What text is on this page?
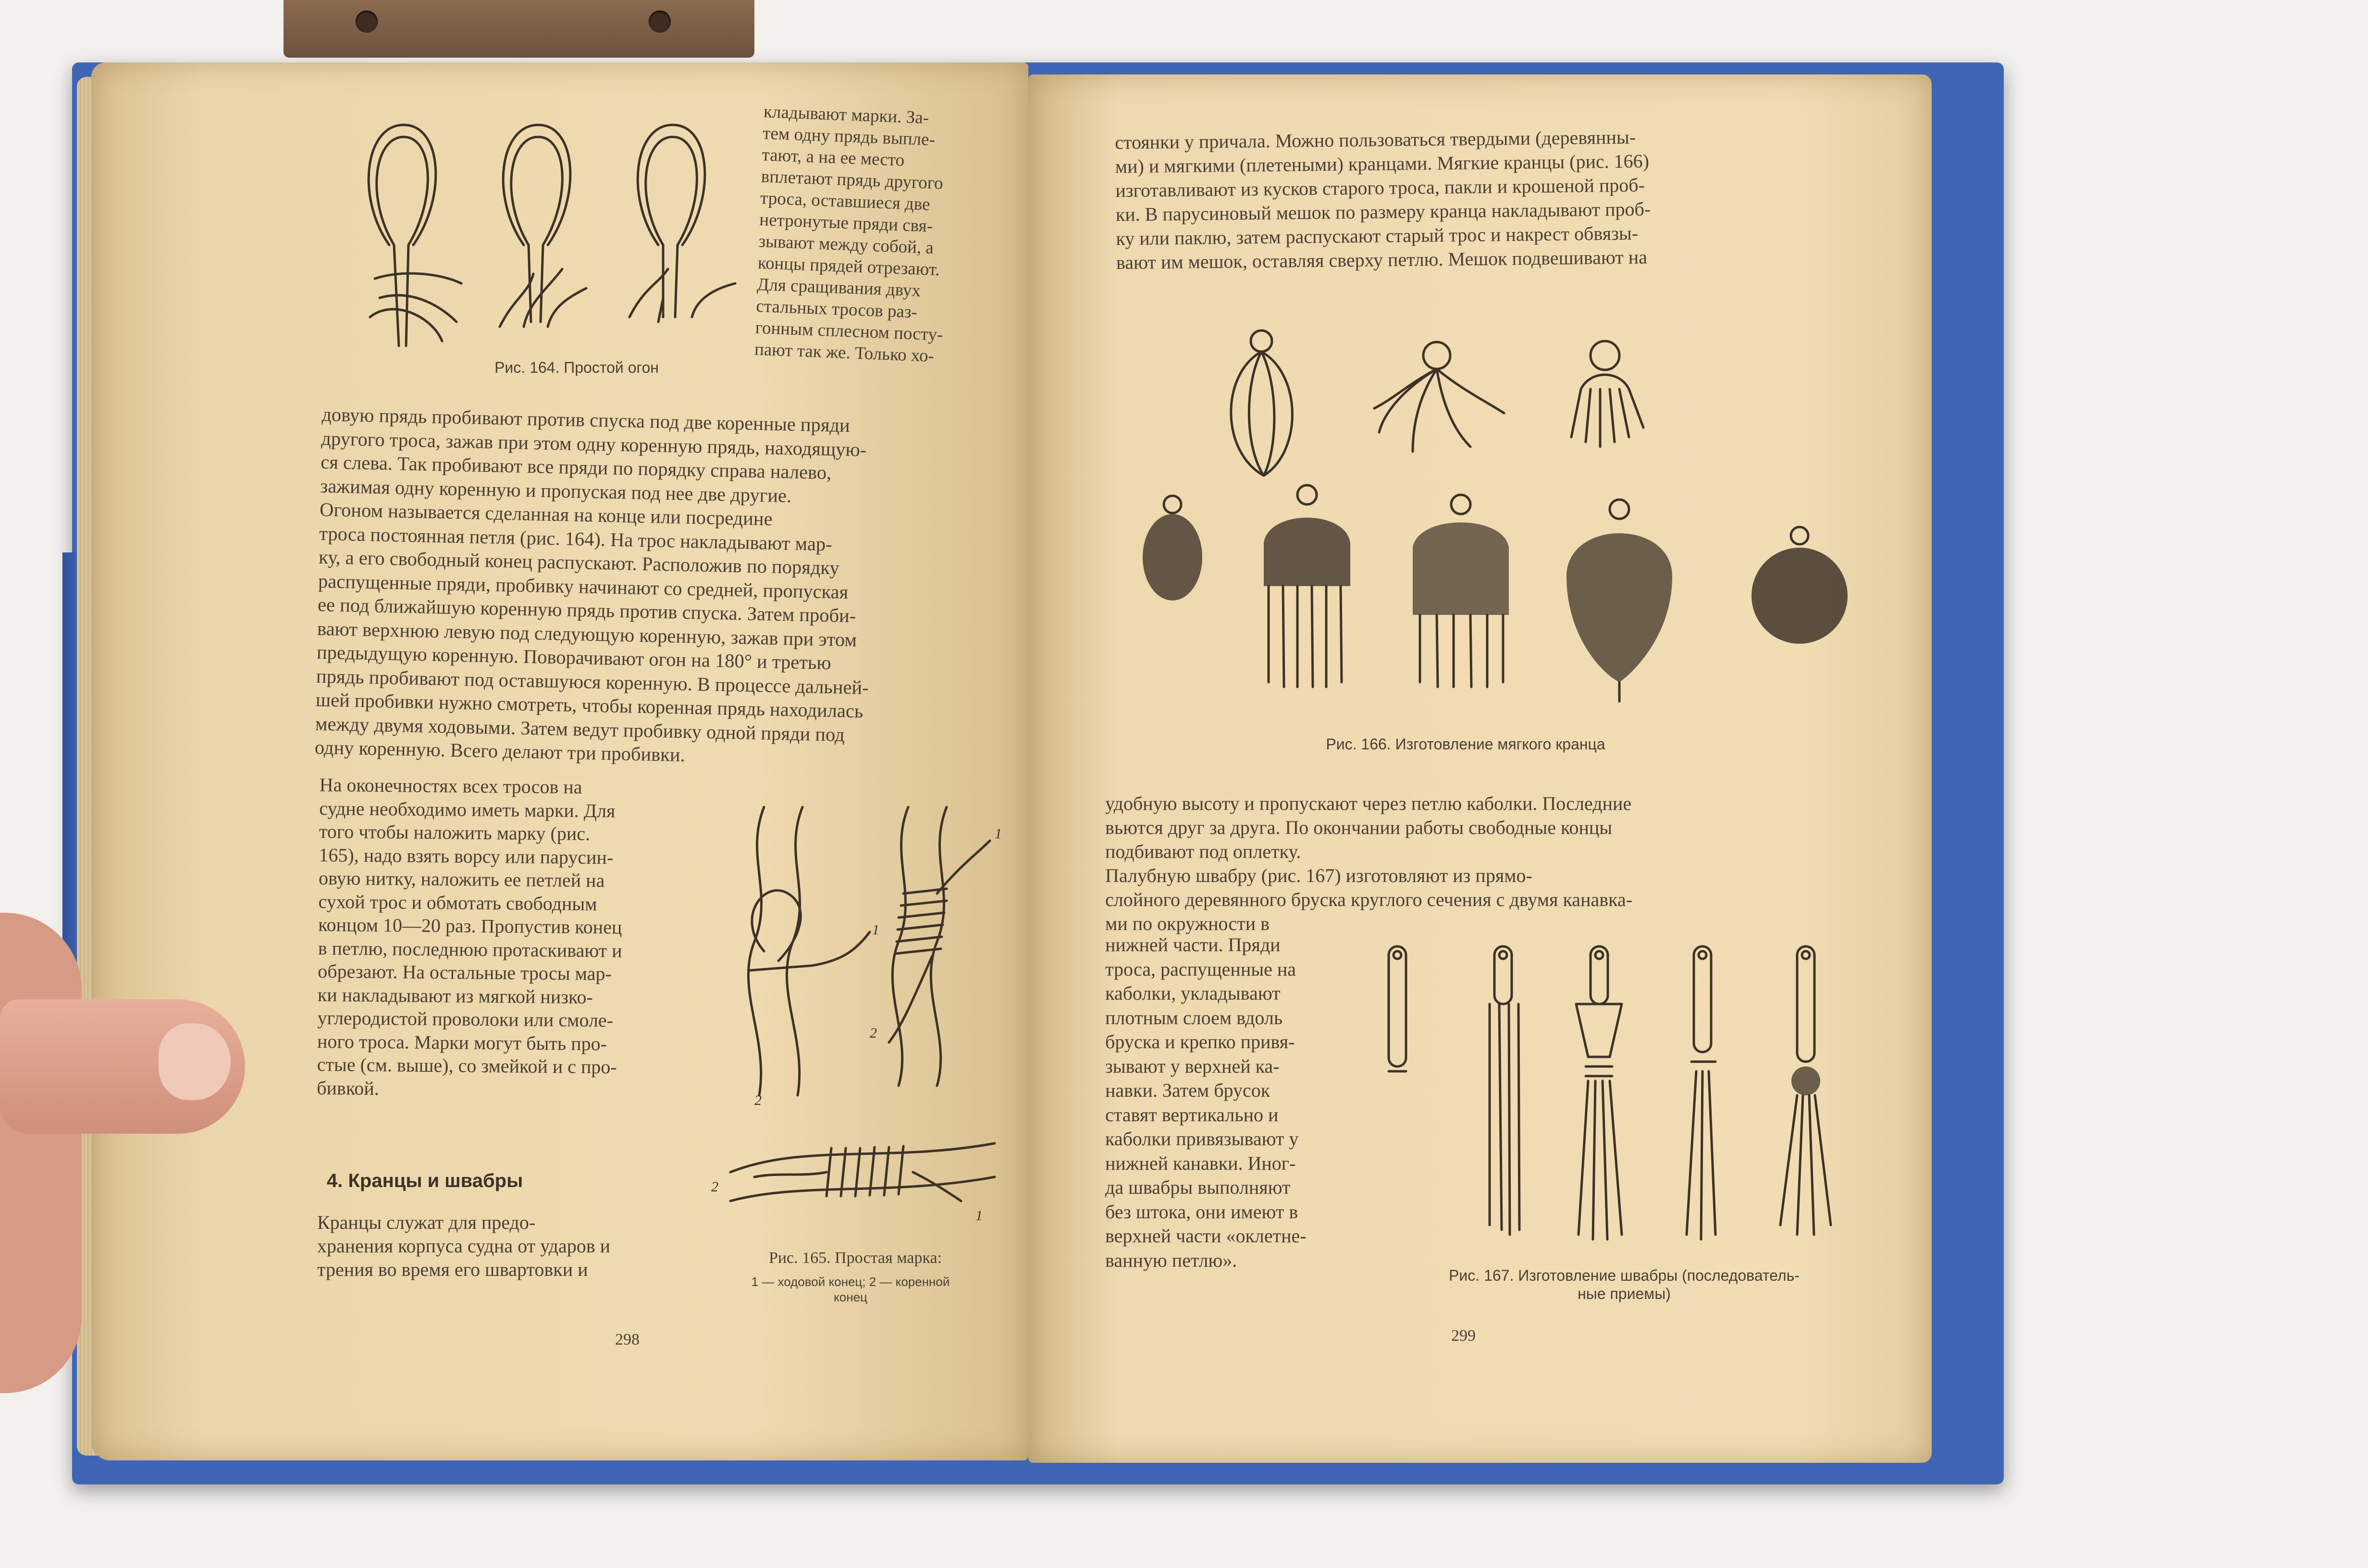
кладывают марки. За-
тем одну прядь выпле-
тают, а на ее место
вплетают прядь другого
троса, оставшиеся две
нетронутые пряди свя-
зывают между собой, а
концы прядей отрезают.
Для сращивания двух
стальных тросов раз-
гонным сплесном посту-
пают так же. Только хо-
Рис. 164. Простой огон
довую прядь пробивают против спуска под две коренные пряди
другого троса, зажав при этом одну коренную прядь, находящую-
ся слева. Так пробивают все пряди по порядку справа налево,
зажимая одну коренную и пропуская под нее две другие.
Огоном называется сделанная на конце или посредине
троса постоянная петля (рис. 164). На трос накладывают мар-
ку, а его свободный конец распускают. Расположив по порядку
распущенные пряди, пробивку начинают со средней, пропуская
ее под ближайшую коренную прядь против спуска. Затем проби-
вают верхнюю левую под следующую коренную, зажав при этом
предыдущую коренную. Поворачивают огон на 180° и третью
прядь пробивают под оставшуюся коренную. В процессе дальней-
шей пробивки нужно смотреть, чтобы коренная прядь находилась
между двумя ходовыми. Затем ведут пробивку одной пряди под
одну коренную. Всего делают три пробивки.
На оконечностях всех тросов на
судне необходимо иметь марки. Для
того чтобы наложить марку (рис.
165), надо взять ворсу или парусин-
овую нитку, наложить ее петлей на
сухой трос и обмотать свободным
концом 10—20 раз. Пропустив конец
в петлю, последнюю протаскивают и
обрезают. На остальные тросы мар-
ки накладывают из мягкой низко-
углеродистой проволоки или смоле-
ного троса. Марки могут быть про-
стые (см. выше), со змейкой и с про-
бивкой.
1
1
2
2
2
1
4. Кранцы и швабры
Кранцы служат для предо-
хранения корпуса судна от ударов и
трения во время его швартовки и
Рис. 165. Простая марка:
1 — ходовой конец; 2 — коренной
конец
298
стоянки у причала. Можно пользоваться твердыми (деревянны-
ми) и мягкими (плетеными) кранцами. Мягкие кранцы (рис. 166)
изготавливают из кусков старого троса, пакли и крошеной проб-
ки. В парусиновый мешок по размеру кранца накладывают проб-
ку или паклю, затем распускают старый трос и накрест обвязы-
вают им мешок, оставляя сверху петлю. Мешок подвешивают на
Рис. 166. Изготовление мягкого кранца
удобную высоту и пропускают через петлю каболки. Последние
вьются друг за друга. По окончании работы свободные концы
подбивают под оплетку.
Палубную швабру (рис. 167) изготовляют из прямо-
слойного деревянного бруска круглого сечения с двумя канавка-
ми по окружности в
нижней части. Пряди
троса, распущенные на
каболки, укладывают
плотным слоем вдоль
бруска и крепко привя-
зывают у верхней ка-
навки. Затем брусок
ставят вертикально и
каболки привязывают у
нижней канавки. Иног-
да швабры выполняют
без штока, они имеют в
верхней части «оклетне-
ванную петлю».
Рис. 167. Изготовление швабры (последователь-
ные приемы)
299
